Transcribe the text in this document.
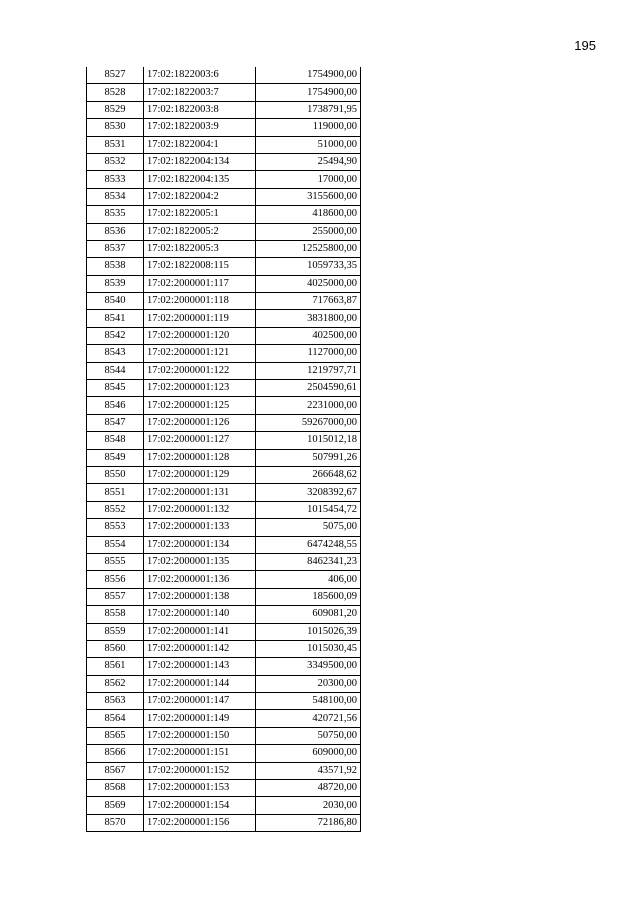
195
8527	17:02:1822003:6	1754900,00
8528	17:02:1822003:7	1754900,00
8529	17:02:1822003:8	1738791,95
8530	17:02:1822003:9	119000,00
8531	17:02:1822004:1	51000,00
8532	17:02:1822004:134	25494,90
8533	17:02:1822004:135	17000,00
8534	17:02:1822004:2	3155600,00
8535	17:02:1822005:1	418600,00
8536	17:02:1822005:2	255000,00
8537	17:02:1822005:3	12525800,00
8538	17:02:1822008:115	1059733,35
8539	17:02:2000001:117	4025000,00
8540	17:02:2000001:118	717663,87
8541	17:02:2000001:119	3831800,00
8542	17:02:2000001:120	402500,00
8543	17:02:2000001:121	1127000,00
8544	17:02:2000001:122	1219797,71
8545	17:02:2000001:123	2504590,61
8546	17:02:2000001:125	2231000,00
8547	17:02:2000001:126	59267000,00
8548	17:02:2000001:127	1015012,18
8549	17:02:2000001:128	507991,26
8550	17:02:2000001:129	266648,62
8551	17:02:2000001:131	3208392,67
8552	17:02:2000001:132	1015454,72
8553	17:02:2000001:133	5075,00
8554	17:02:2000001:134	6474248,55
8555	17:02:2000001:135	8462341,23
8556	17:02:2000001:136	406,00
8557	17:02:2000001:138	185600,09
8558	17:02:2000001:140	609081,20
8559	17:02:2000001:141	1015026,39
8560	17:02:2000001:142	1015030,45
8561	17:02:2000001:143	3349500,00
8562	17:02:2000001:144	20300,00
8563	17:02:2000001:147	548100,00
8564	17:02:2000001:149	420721,56
8565	17:02:2000001:150	50750,00
8566	17:02:2000001:151	609000,00
8567	17:02:2000001:152	43571,92
8568	17:02:2000001:153	48720,00
8569	17:02:2000001:154	2030,00
8570	17:02:2000001:156	72186,80
